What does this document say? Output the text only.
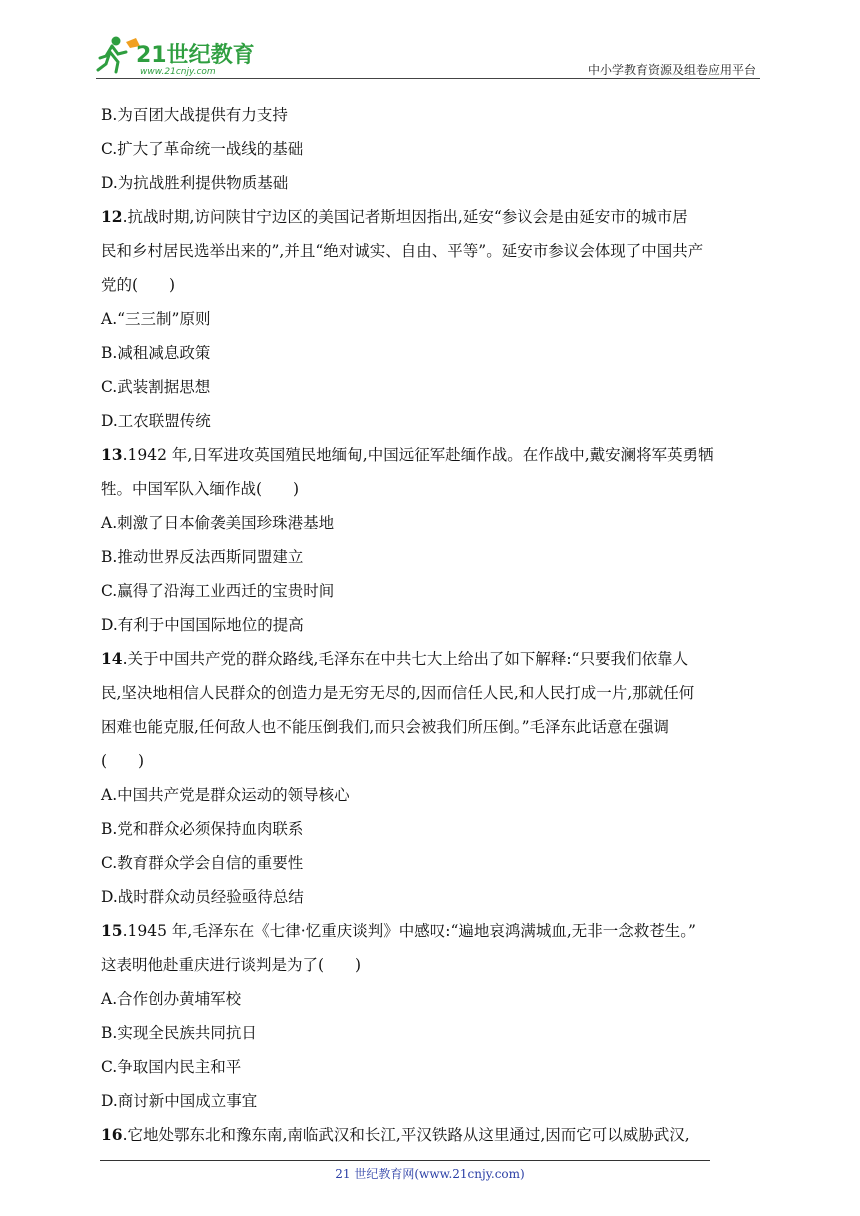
21世纪教育
www.21cnjy.com	中小学教育资源及组卷应用平台
B.为百团大战提供有力支持
C.扩大了革命统一战线的基础
D.为抗战胜利提供物质基础
12.抗战时期,访问陕甘宁边区的美国记者斯坦因指出,延安“参议会是由延安市的城市居
民和乡村居民选举出来的”,并且“绝对诚实、自由、平等”。延安市参议会体现了中国共产
党的(　　)
A.“三三制”原则
B.减租减息政策
C.武装割据思想
D.工农联盟传统
13.1942 年,日军进攻英国殖民地缅甸,中国远征军赴缅作战。在作战中,戴安澜将军英勇牺
牲。中国军队入缅作战(　　)
A.刺激了日本偷袭美国珍珠港基地
B.推动世界反法西斯同盟建立
C.赢得了沿海工业西迁的宝贵时间
D.有利于中国国际地位的提高
14.关于中国共产党的群众路线,毛泽东在中共七大上给出了如下解释:“只要我们依靠人
民,坚决地相信人民群众的创造力是无穷无尽的,因而信任人民,和人民打成一片,那就任何
困难也能克服,任何敌人也不能压倒我们,而只会被我们所压倒。”毛泽东此话意在强调
(　　)
A.中国共产党是群众运动的领导核心
B.党和群众必须保持血肉联系
C.教育群众学会自信的重要性
D.战时群众动员经验亟待总结
15.1945 年,毛泽东在《七律·忆重庆谈判》中感叹:“遍地哀鸿满城血,无非一念救苍生。”
这表明他赴重庆进行谈判是为了(　　)
A.合作创办黄埔军校
B.实现全民族共同抗日
C.争取国内民主和平
D.商讨新中国成立事宜
16.它地处鄂东北和豫东南,南临武汉和长江,平汉铁路从这里通过,因而它可以威胁武汉,
21 世纪教育网(www.21cnjy.com)
